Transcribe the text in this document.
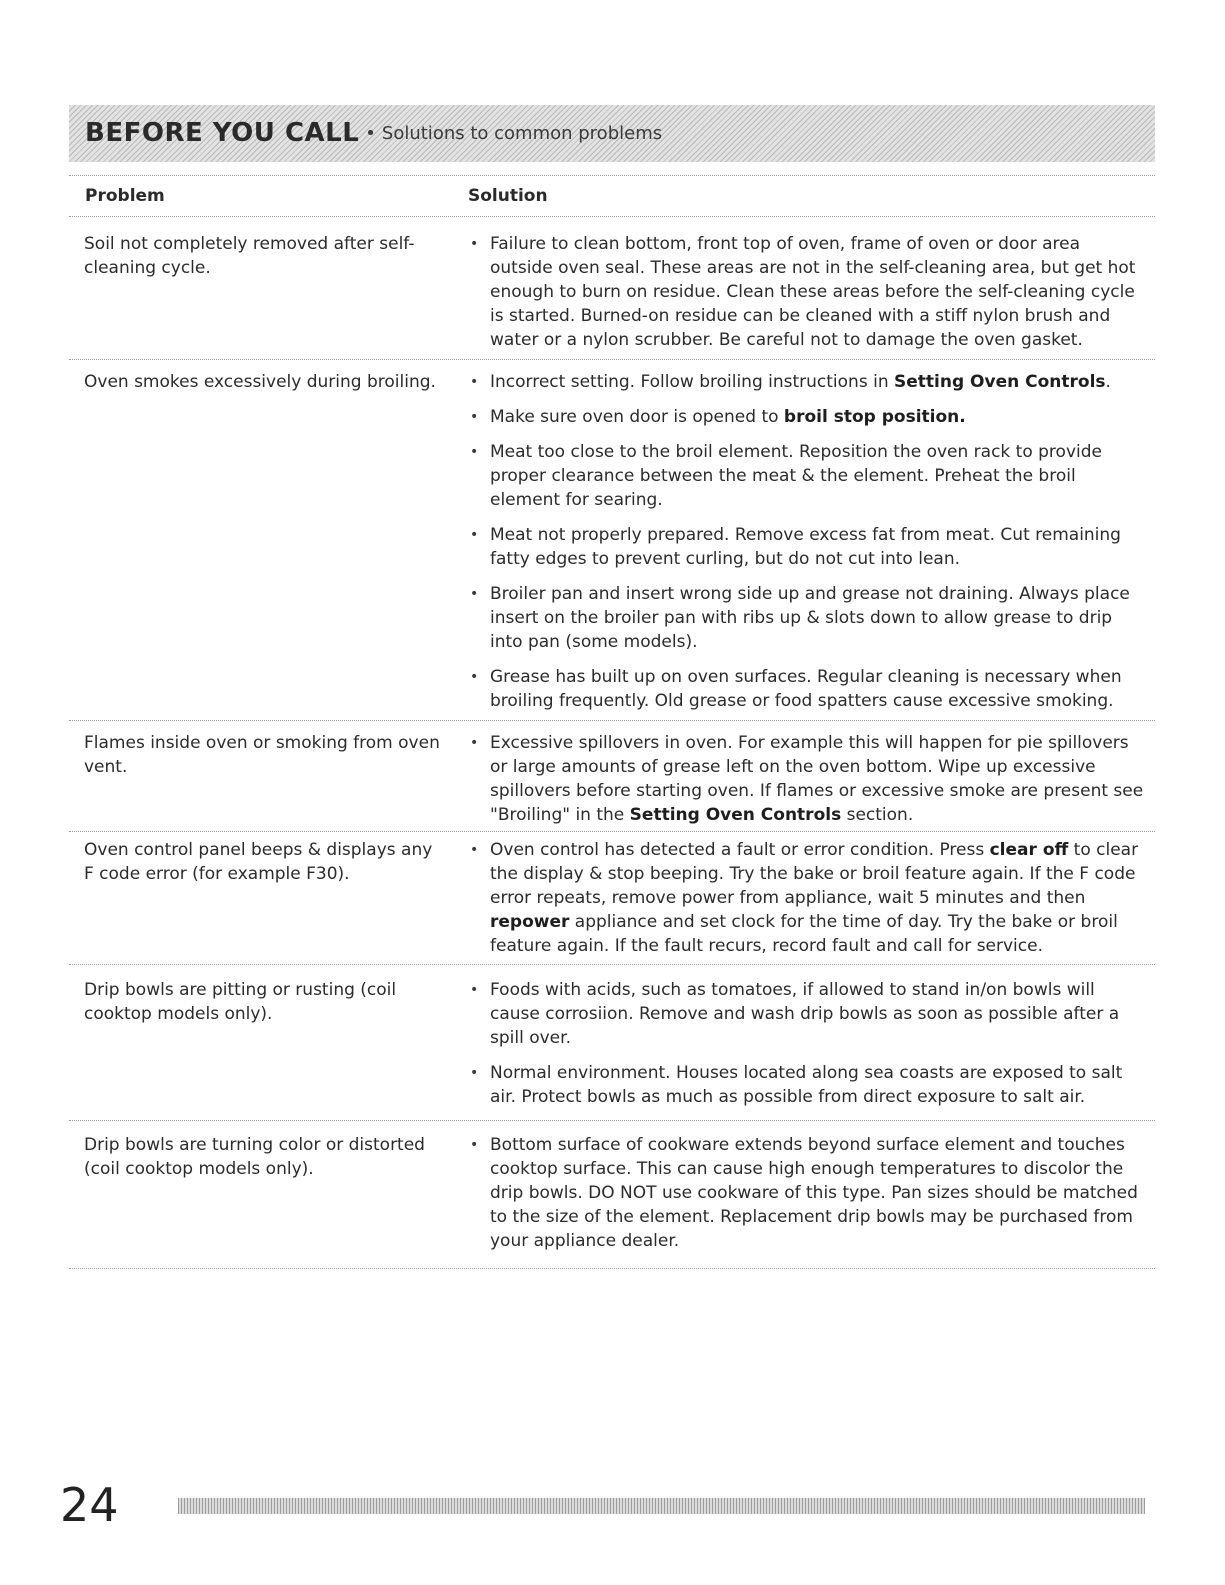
BEFORE YOU CALL • Solutions to common problems
Problem	Solution
Soil not completely removed after self-cleaning cycle.
• Failure to clean bottom, front top of oven, frame of oven or door area outside oven seal. These areas are not in the self-cleaning area, but get hot enough to burn on residue. Clean these areas before the self-cleaning cycle is started. Burned-on residue can be cleaned with a stiff nylon brush and water or a nylon scrubber. Be careful not to damage the oven gasket.
Oven smokes excessively during broiling.	• Incorrect setting. Follow broiling instructions in Setting Oven Controls.
• Make sure oven door is opened to broil stop position.
• Meat too close to the broil element. Reposition the oven rack to provide proper clearance between the meat & the element. Preheat the broil element for searing.
• Meat not properly prepared. Remove excess fat from meat. Cut remaining fatty edges to prevent curling, but do not cut into lean.
• Broiler pan and insert wrong side up and grease not draining. Always place insert on the broiler pan with ribs up & slots down to allow grease to drip into pan (some models).
• Grease has built up on oven surfaces. Regular cleaning is necessary when broiling frequently. Old grease or food spatters cause excessive smoking.
Flames inside oven or smoking from oven vent.
• Excessive spillovers in oven. For example this will happen for pie spillovers or large amounts of grease left on the oven bottom. Wipe up excessive spillovers before starting oven. If flames or excessive smoke are present see "Broiling" in the Setting Oven Controls section.
Oven control panel beeps & displays any F code error (for example F30).
• Oven control has detected a fault or error condition. Press clear off to clear the display & stop beeping. Try the bake or broil feature again. If the F code error repeats, remove power from appliance, wait 5 minutes and then repower appliance and set clock for the time of day. Try the bake or broil feature again. If the fault recurs, record fault and call for service.
Drip bowls are pitting or rusting (coil cooktop models only).
• Foods with acids, such as tomatoes, if allowed to stand in/on bowls will cause corrosiion. Remove and wash drip bowls as soon as possible after a spill over.
• Normal environment. Houses located along sea coasts are exposed to salt air. Protect bowls as much as possible from direct exposure to salt air.
Drip bowls are turning color or distorted (coil cooktop models only).
• Bottom surface of cookware extends beyond surface element and touches cooktop surface. This can cause high enough temperatures to discolor the drip bowls. DO NOT use cookware of this type. Pan sizes should be matched to the size of the element. Replacement drip bowls may be purchased from your appliance dealer.
24
